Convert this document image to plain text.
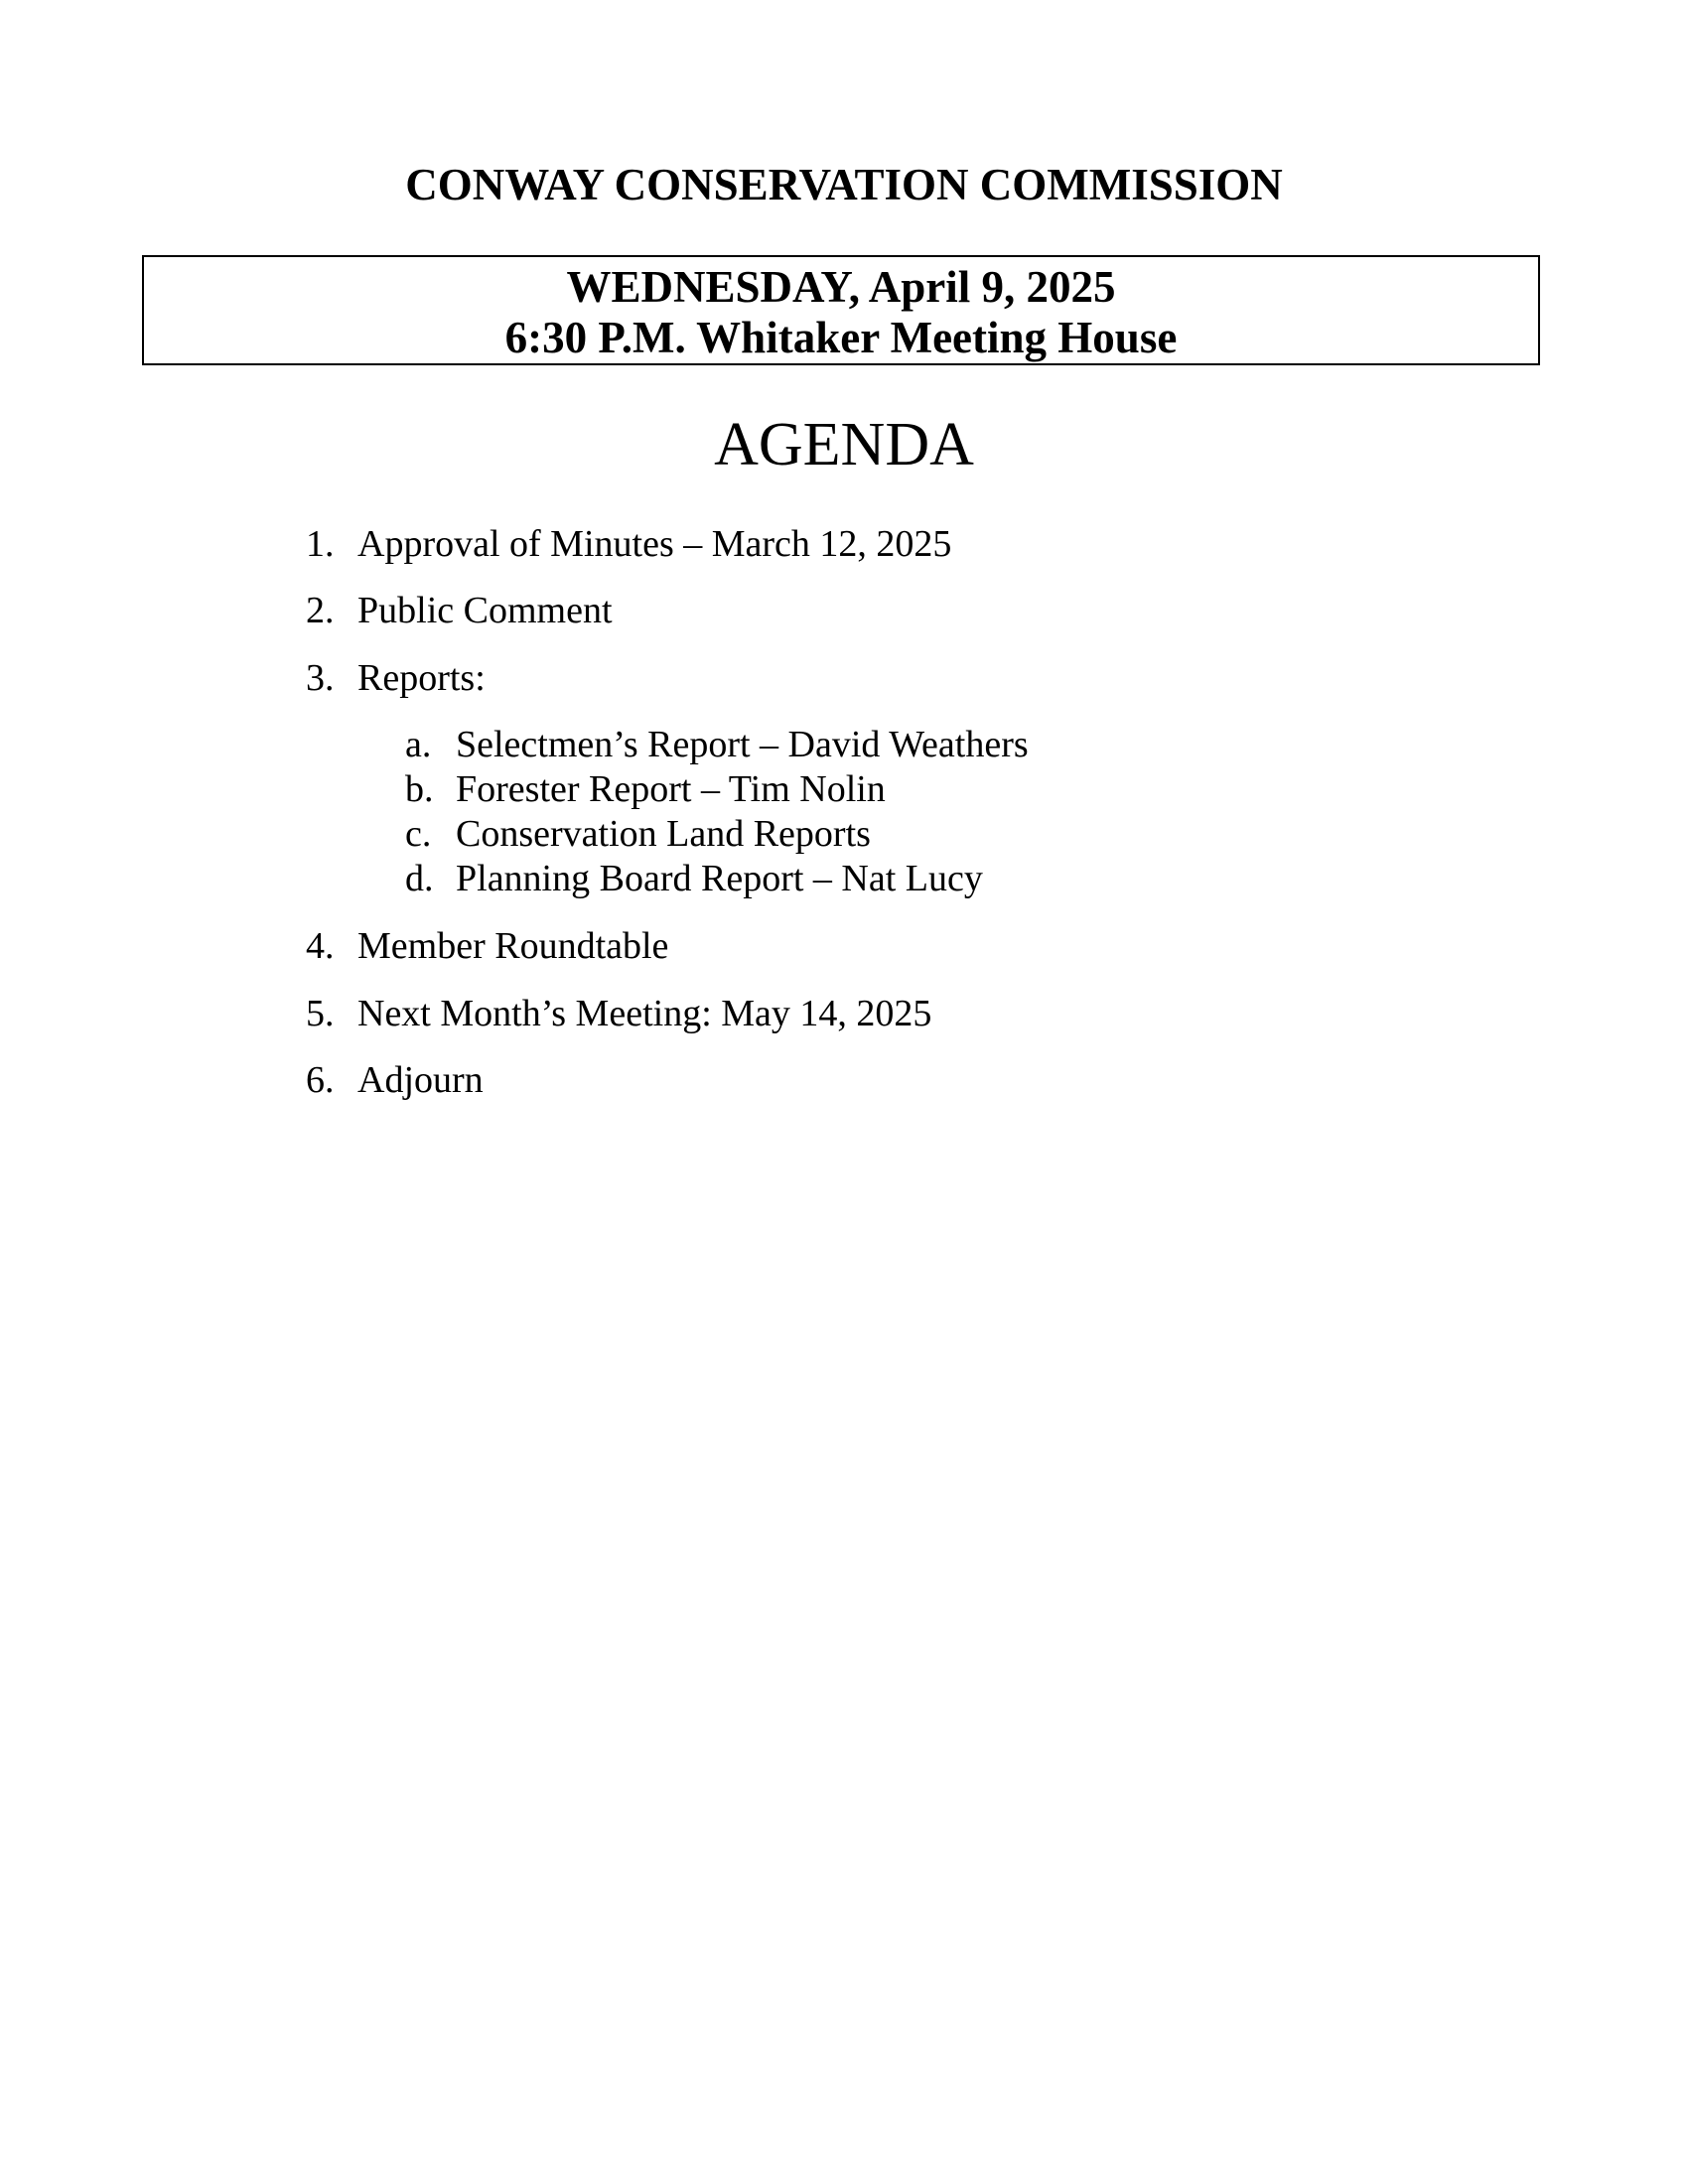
CONWAY CONSERVATION COMMISSION
WEDNESDAY, April 9, 2025
6:30 P.M. Whitaker Meeting House
AGENDA
1. Approval of Minutes – March 12, 2025
2. Public Comment
3. Reports:
a. Selectmen’s Report – David Weathers
b. Forester Report – Tim Nolin
c. Conservation Land Reports
d. Planning Board Report – Nat Lucy
4. Member Roundtable
5. Next Month’s Meeting: May 14, 2025
6. Adjourn
